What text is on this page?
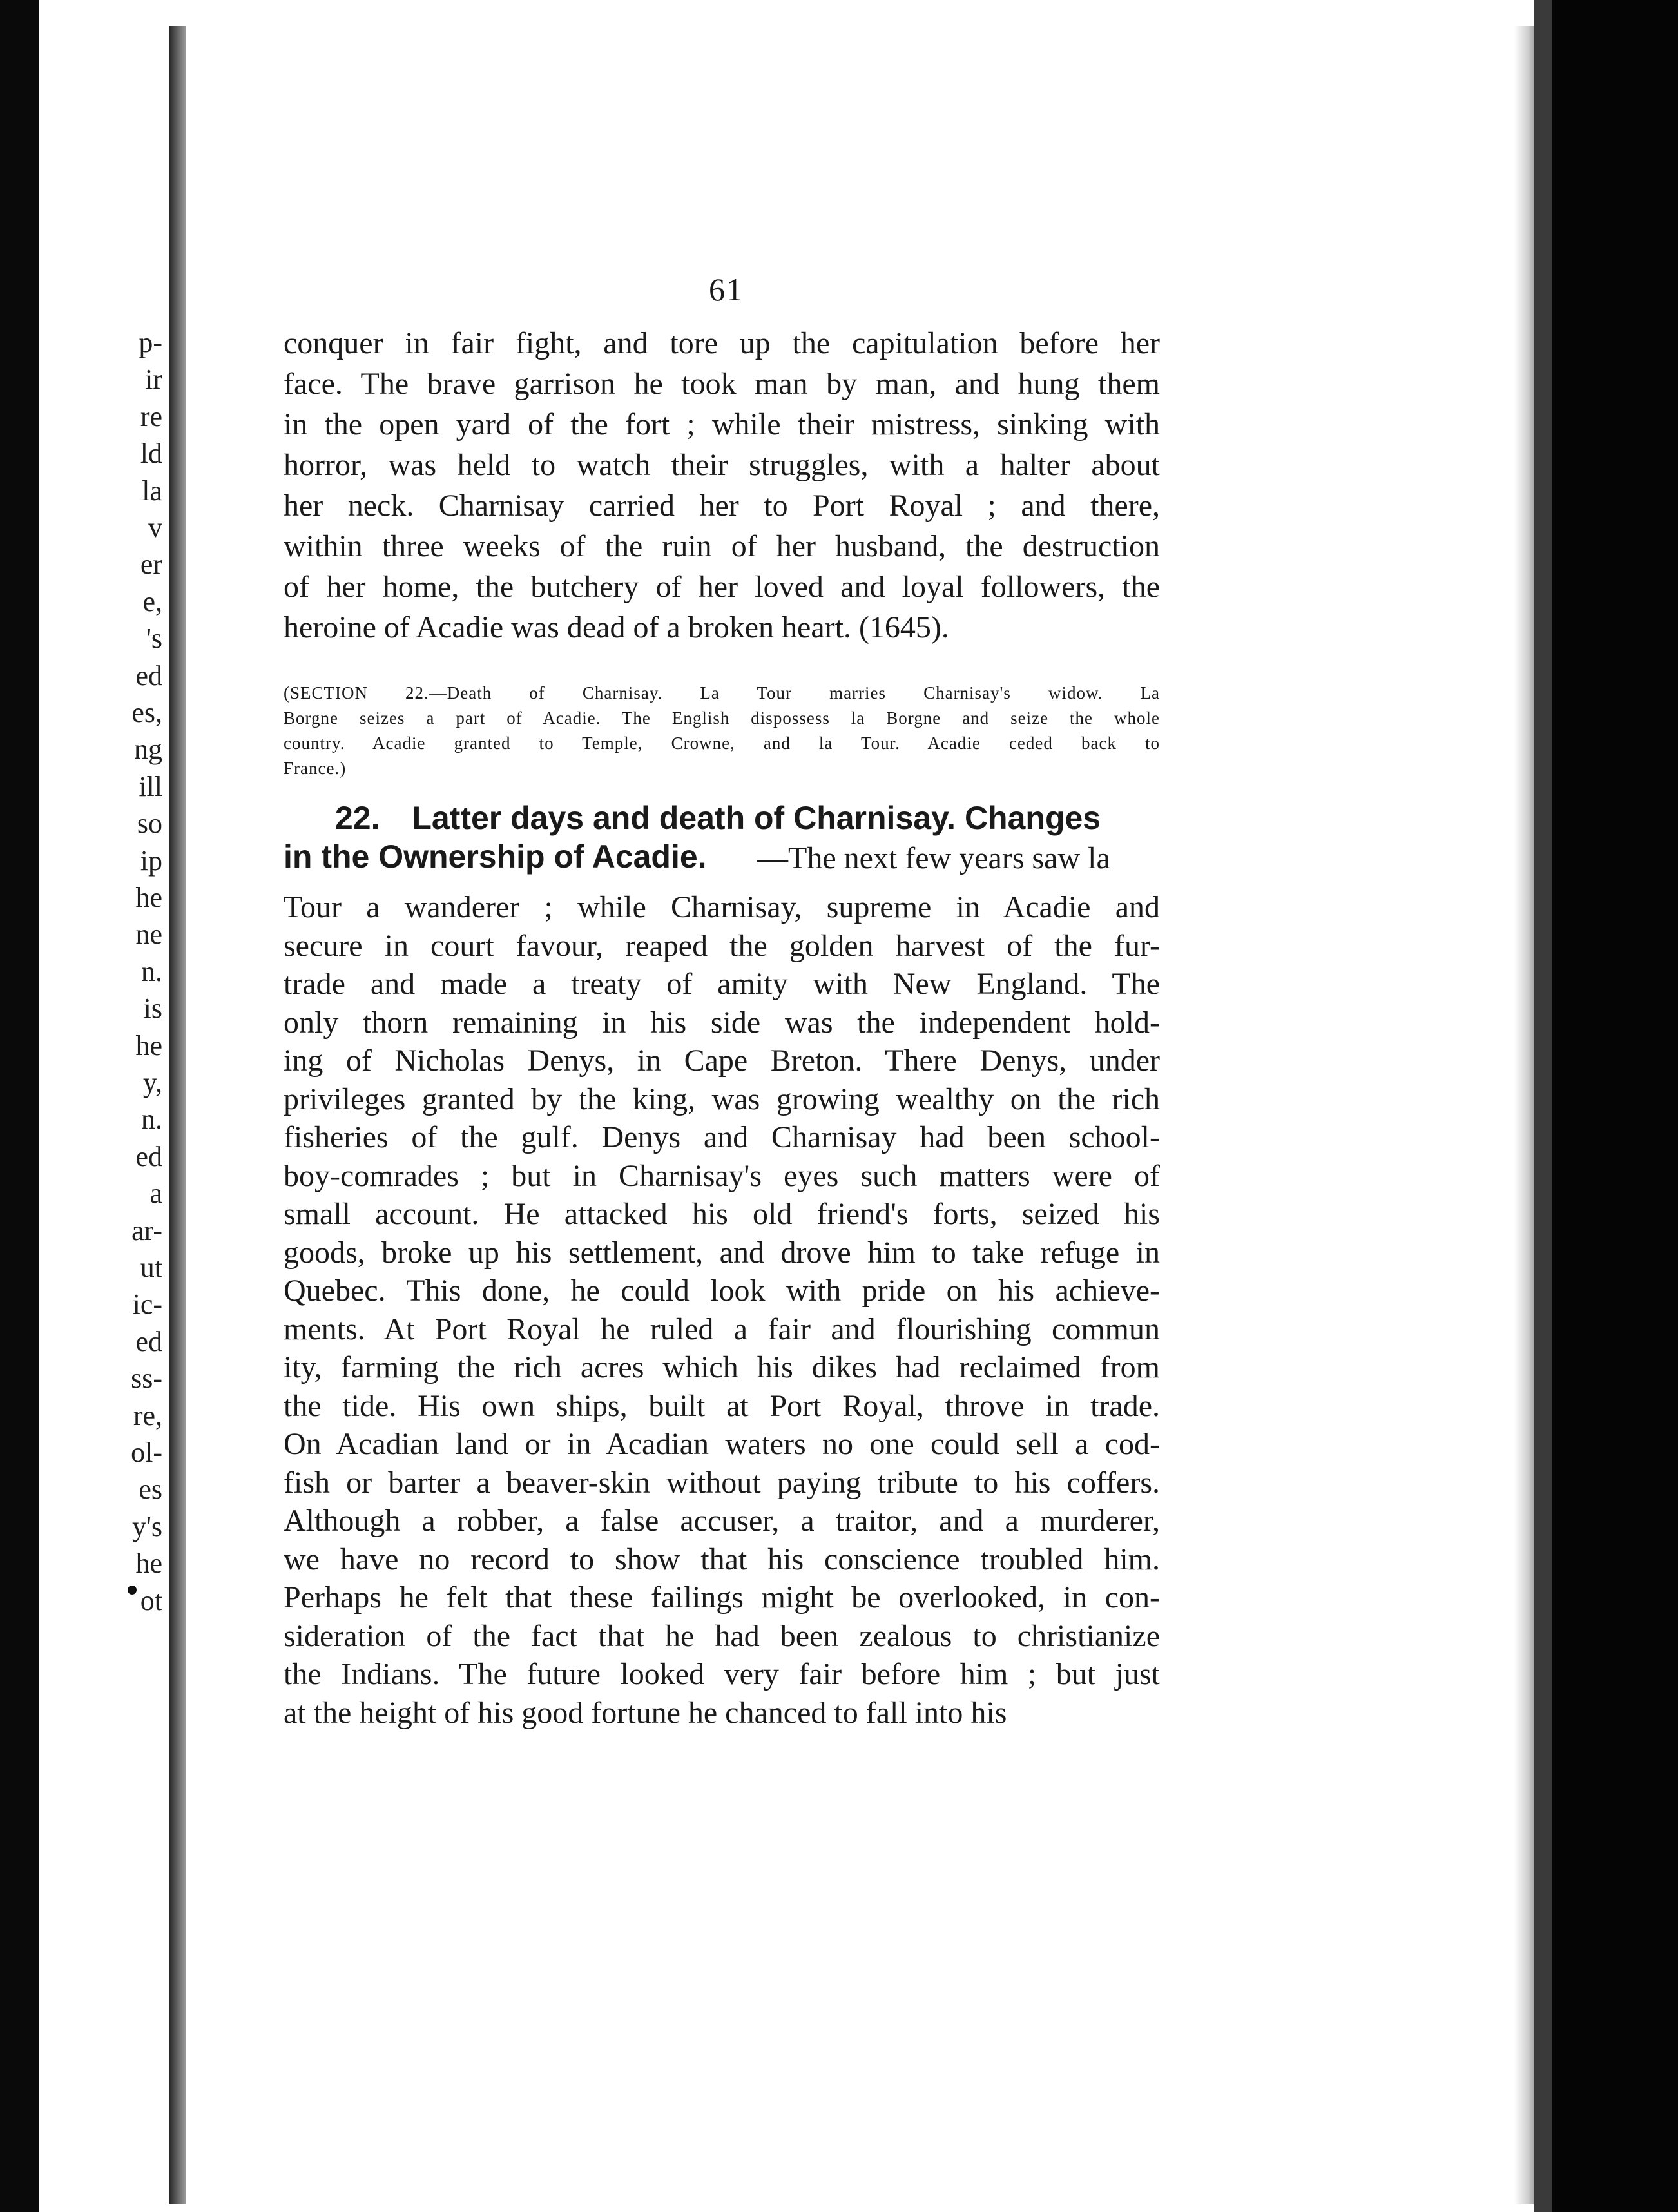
p-
ir
re
ld
la
v
er
e,
's
ed
es,
ng
ill
so
ip
he
ne
n.
is
he
y,
n.
ed
a
ar-
ut
ic-
ed
ss-
re,
ol-
es
y's
he
ot
61
conquer in fair fight, and tore up the capitulation before her
face. The brave garrison he took man by man, and hung them
in the open yard of the fort ; while their mistress, sinking with
horror, was held to watch their struggles, with a halter about
her neck. Charnisay carried her to Port Royal ; and there,
within three weeks of the ruin of her husband, the destruction
of her home, the butchery of her loved and loyal followers, the
heroine of Acadie was dead of a broken heart. (1645).
(SECTION 22.—Death of Charnisay. La Tour marries Charnisay's widow. La
Borgne seizes a part of Acadie. The English dispossess la Borgne and seize the whole
country. Acadie granted to Temple, Crowne, and la Tour. Acadie ceded back to
France.)
22. Latter days and death of Charnisay. Changes
in the Ownership of Acadie. —The next few years saw la
Tour a wanderer ; while Charnisay, supreme in Acadie and
secure in court favour, reaped the golden harvest of the fur-
trade and made a treaty of amity with New England. The
only thorn remaining in his side was the independent hold-
ing of Nicholas Denys, in Cape Breton. There Denys, under
privileges granted by the king, was growing wealthy on the rich
fisheries of the gulf. Denys and Charnisay had been school-
boy-comrades ; but in Charnisay's eyes such matters were of
small account. He attacked his old friend's forts, seized his
goods, broke up his settlement, and drove him to take refuge in
Quebec. This done, he could look with pride on his achieve-
ments. At Port Royal he ruled a fair and flourishing commun
ity, farming the rich acres which his dikes had reclaimed from
the tide. His own ships, built at Port Royal, throve in trade.
On Acadian land or in Acadian waters no one could sell a cod-
fish or barter a beaver-skin without paying tribute to his coffers.
Although a robber, a false accuser, a traitor, and a murderer,
we have no record to show that his conscience troubled him.
Perhaps he felt that these failings might be overlooked, in con-
sideration of the fact that he had been zealous to christianize
the Indians. The future looked very fair before him ; but just
at the height of his good fortune he chanced to fall into his
